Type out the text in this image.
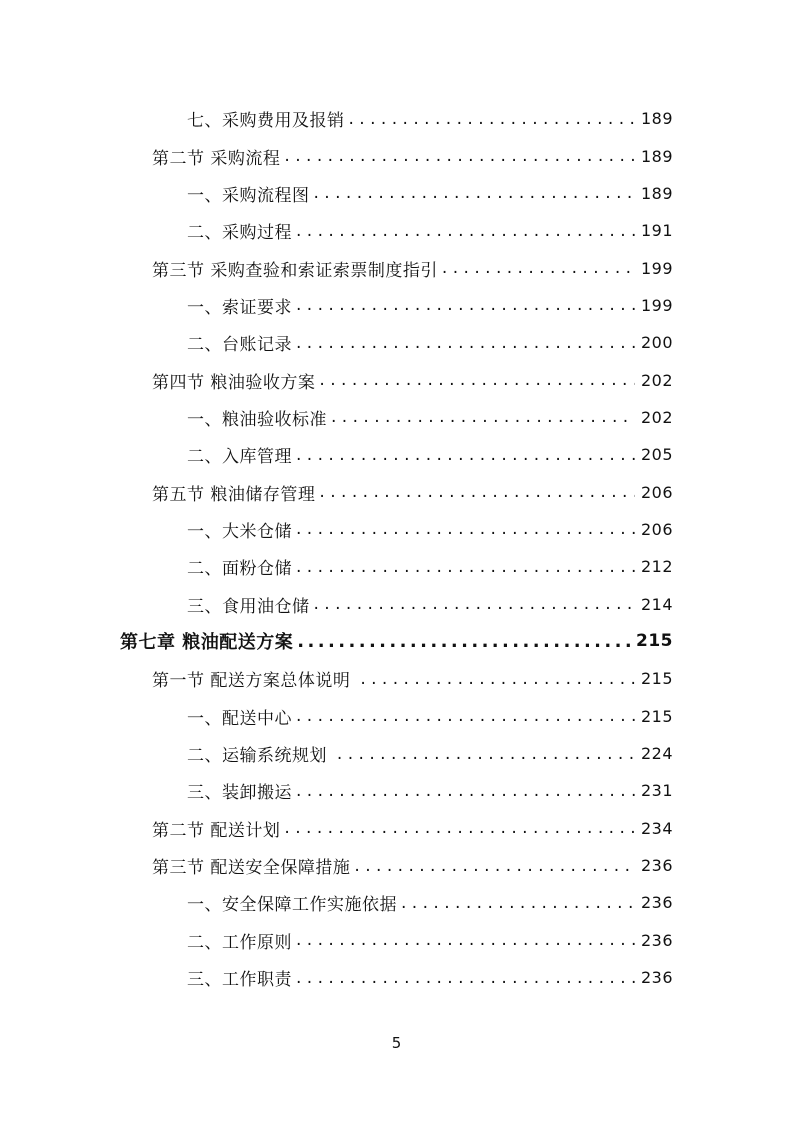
七、采购费用及报销 . . .	189
第二节 采购流程 . . .	189
一、采购流程图 . . .	189
二、采购过程 . . .	191
第三节 采购查验和索证索票制度指引 . . .	199
一、索证要求 . . .	199
二、台账记录 . . .	200
第四节 粮油验收方案 . . .	202
一、粮油验收标准 . . .	202
二、入库管理 . . .	205
第五节 粮油储存管理 . . .	206
一、大米仓储 . . .	206
二、面粉仓储 . . .	212
三、食用油仓储 . . .	214
第七章 粮油配送方案 .....	215
第一节 配送方案总体说明 . . .	215
一、配送中心 . . .	215
二、运输系统规划 . . .	224
三、装卸搬运 . . .	231
第二节 配送计划 . . .	234
第三节 配送安全保障措施 . . .	236
一、安全保障工作实施依据 . . .	236
二、工作原则 . . .	236
三、工作职责 . . .	236
5
